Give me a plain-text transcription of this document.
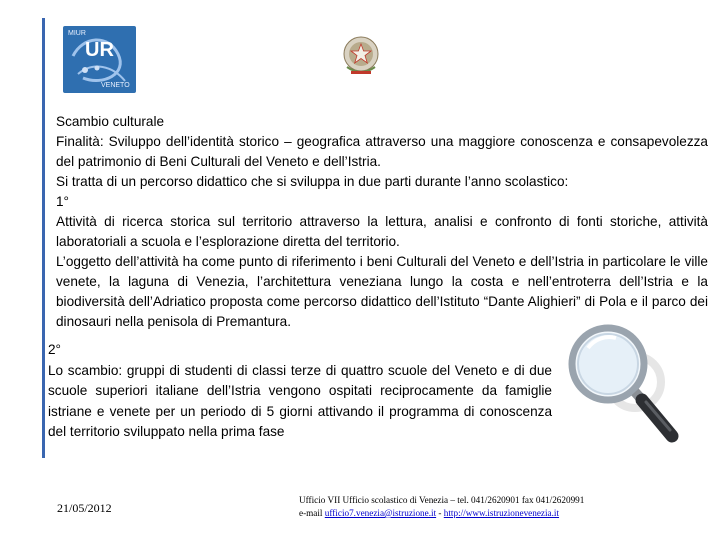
UR
MIUR
VENETO

Scambio culturale

Finalità: Sviluppo dell’identità storico – geografica attraverso una maggiore conoscenza e consapevolezza del patrimonio di Beni Culturali del Veneto e dell’Istria.

Si tratta di un percorso didattico che si sviluppa in due parti durante l’anno scolastico:

1°

Attività di ricerca storica sul territorio attraverso la lettura, analisi e confronto di fonti storiche, attività laboratoriali a scuola e l’esplorazione diretta del territorio.

L’oggetto dell’attività ha come punto di riferimento i beni Culturali del Veneto e dell’Istria in particolare le ville venete, la laguna di Venezia, l’architettura veneziana lungo la costa e nell’entroterra dell’Istria e la biodiversità dell’Adriatico proposta come percorso didattico dell’Istituto “Dante Alighieri” di Pola e il parco dei dinosauri nella penisola di Premantura.

2°

Lo scambio: gruppi di studenti di classi terze di quattro scuole del Veneto e di due scuole superiori italiane dell’Istria vengono ospitati reciprocamente da famiglie istriane e venete per un periodo di 5 giorni attivando il programma di conoscenza del territorio sviluppato nella prima fase

21/05/2012
Ufficio VII Ufficio scolastico di Venezia – tel. 041/2620901 fax 041/2620991
e-mail ufficio7.venezia@istruzione.it - http://www.istruzionevenezia.it
